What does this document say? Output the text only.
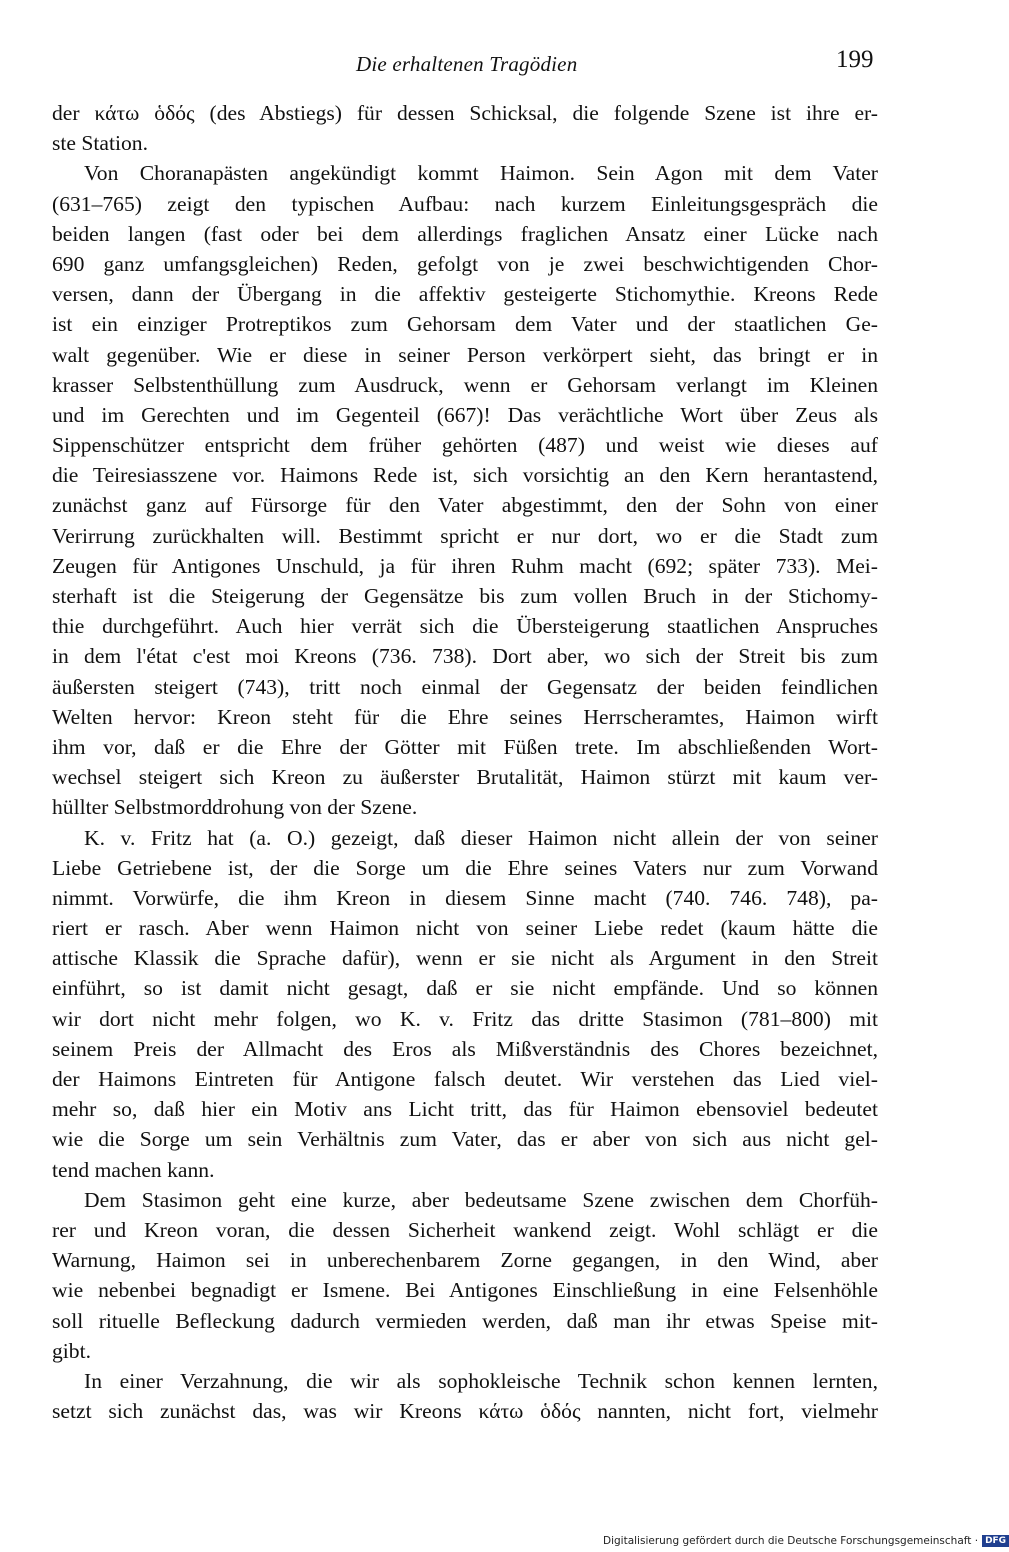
Die erhaltenen Tragödien	199
der κάτω ὁδός (des Abstiegs) für dessen Schicksal, die folgende Szene ist ihre er-
ste Station.
Von Choranapästen angekündigt kommt Haimon. Sein Agon mit dem Vater
(631–765) zeigt den typischen Aufbau: nach kurzem Einleitungsgespräch die
beiden langen (fast oder bei dem allerdings fraglichen Ansatz einer Lücke nach
690 ganz umfangsgleichen) Reden, gefolgt von je zwei beschwichtigenden Chor-
versen, dann der Übergang in die affektiv gesteigerte Stichomythie. Kreons Rede
ist ein einziger Protreptikos zum Gehorsam dem Vater und der staatlichen Ge-
walt gegenüber. Wie er diese in seiner Person verkörpert sieht, das bringt er in
krasser Selbstenthüllung zum Ausdruck, wenn er Gehorsam verlangt im Kleinen
und im Gerechten und im Gegenteil (667)! Das verächtliche Wort über Zeus als
Sippenschützer entspricht dem früher gehörten (487) und weist wie dieses auf
die Teiresiasszene vor. Haimons Rede ist, sich vorsichtig an den Kern herantastend,
zunächst ganz auf Fürsorge für den Vater abgestimmt, den der Sohn von einer
Verirrung zurückhalten will. Bestimmt spricht er nur dort, wo er die Stadt zum
Zeugen für Antigones Unschuld, ja für ihren Ruhm macht (692; später 733). Mei-
sterhaft ist die Steigerung der Gegensätze bis zum vollen Bruch in der Stichomy-
thie durchgeführt. Auch hier verrät sich die Übersteigerung staatlichen Anspruches
in dem l'état c'est moi Kreons (736. 738). Dort aber, wo sich der Streit bis zum
äußersten steigert (743), tritt noch einmal der Gegensatz der beiden feindlichen
Welten hervor: Kreon steht für die Ehre seines Herrscheramtes, Haimon wirft
ihm vor, daß er die Ehre der Götter mit Füßen trete. Im abschließenden Wort-
wechsel steigert sich Kreon zu äußerster Brutalität, Haimon stürzt mit kaum ver-
hüllter Selbstmorddrohung von der Szene.
K. v. Fritz hat (a. O.) gezeigt, daß dieser Haimon nicht allein der von seiner
Liebe Getriebene ist, der die Sorge um die Ehre seines Vaters nur zum Vorwand
nimmt. Vorwürfe, die ihm Kreon in diesem Sinne macht (740. 746. 748), pa-
riert er rasch. Aber wenn Haimon nicht von seiner Liebe redet (kaum hätte die
attische Klassik die Sprache dafür), wenn er sie nicht als Argument in den Streit
einführt, so ist damit nicht gesagt, daß er sie nicht empfände. Und so können
wir dort nicht mehr folgen, wo K. v. Fritz das dritte Stasimon (781–800) mit
seinem Preis der Allmacht des Eros als Mißverständnis des Chores bezeichnet,
der Haimons Eintreten für Antigone falsch deutet. Wir verstehen das Lied viel-
mehr so, daß hier ein Motiv ans Licht tritt, das für Haimon ebensoviel bedeutet
wie die Sorge um sein Verhältnis zum Vater, das er aber von sich aus nicht gel-
tend machen kann.
Dem Stasimon geht eine kurze, aber bedeutsame Szene zwischen dem Chorfüh-
rer und Kreon voran, die dessen Sicherheit wankend zeigt. Wohl schlägt er die
Warnung, Haimon sei in unberechenbarem Zorne gegangen, in den Wind, aber
wie nebenbei begnadigt er Ismene. Bei Antigones Einschließung in eine Felsenhöhle
soll rituelle Befleckung dadurch vermieden werden, daß man ihr etwas Speise mit-
gibt.
In einer Verzahnung, die wir als sophokleische Technik schon kennen lernten,
setzt sich zunächst das, was wir Kreons κάτω ὁδός nannten, nicht fort, vielmehr
Digitalisierung gefördert durch die Deutsche Forschungsgemeinschaft · DFG
